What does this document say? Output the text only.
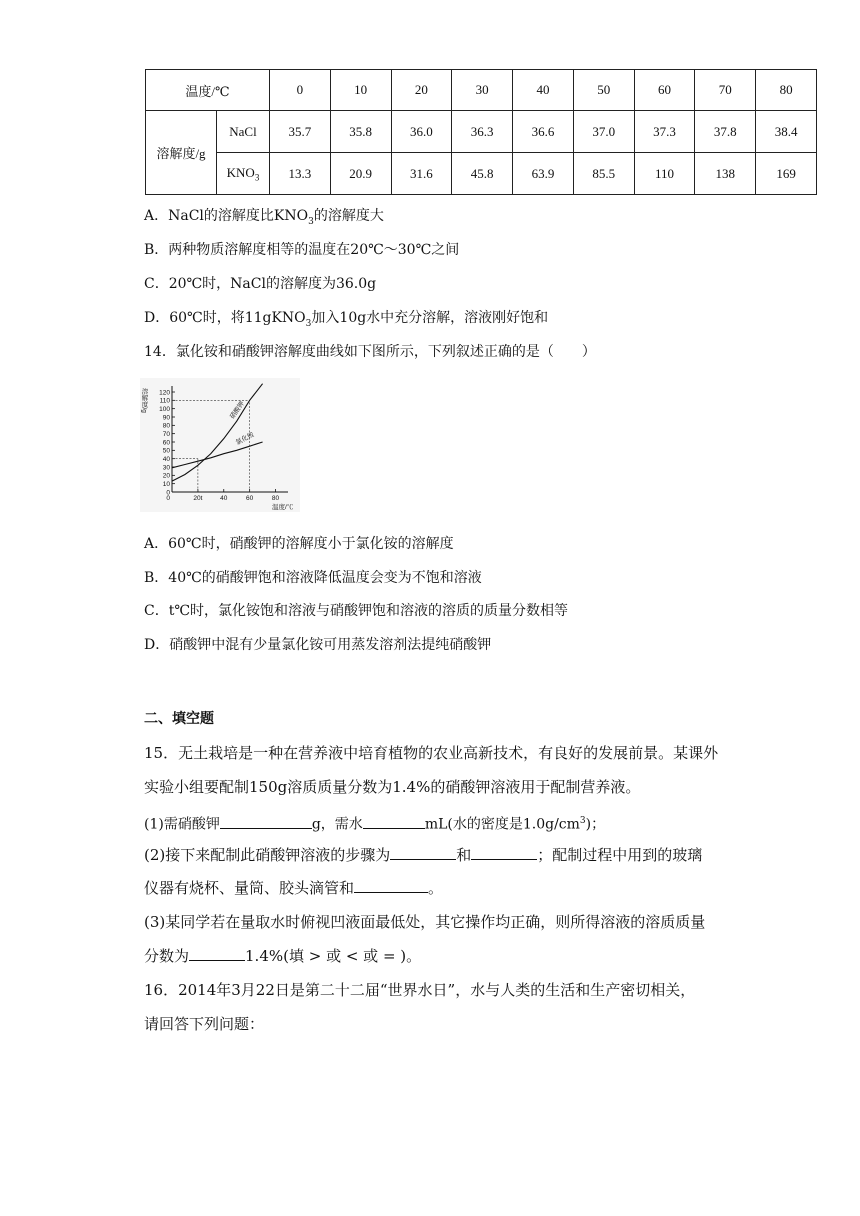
温度/℃		0	10	20	30	40	50	60	70	80
溶解度/g	NaCl	35.7	35.8	36.0	36.3	36.6	37.0	37.3	37.8	38.4
	$KNO_3$	13.3	20.9	31.6	45.8	63.9	85.5	110	138	169
A．NaCl的溶解度比$KNO_3$的溶解度大
B．两种物质溶解度相等的温度在20℃～30℃之间
C．20℃时，NaCl的溶解度为36.0g
D．60℃时，将11gKNO$_3$加入10g水中充分溶解，溶液刚好饱和
14．氯化铵和硝酸钾溶解度曲线如下图所示，下列叙述正确的是（　　）
120
110
100
90
80
70
60
50
40
30
20
10
0
20t	40	60	80
0
溶解度/g
温度/℃
硝酸钾
氯化铵
A．60℃时，硝酸钾的溶解度小于氯化铵的溶解度
B．40℃的硝酸钾饱和溶液降低温度会变为不饱和溶液
C．t℃时，氯化铵饱和溶液与硝酸钾饱和溶液的溶质的质量分数相等
D．硝酸钾中混有少量氯化铵可用蒸发溶剂法提纯硝酸钾
二、填空题
15．无土栽培是一种在营养液中培育植物的农业高新技术，有良好的发展前景。某课外
实验小组要配制150g溶质质量分数为1.4%的硝酸钾溶液用于配制营养液。
(1)需硝酸钾	g，需水	mL(水的密度是$1.0g/cm^3$)；
(2)接下来配制此硝酸钾溶液的步骤为	和	；配制过程中用到的玻璃
仪器有烧杯、量筒、胶头滴管和	。
(3)某同学若在量取水时俯视凹液面最低处，其它操作均正确，则所得溶液的溶质质量
分数为	1.4%(填 > 或 < 或 = )。
16．2014年3月22日是第二十二届“世界水日”，水与人类的生活和生产密切相关，
请回答下列问题：
